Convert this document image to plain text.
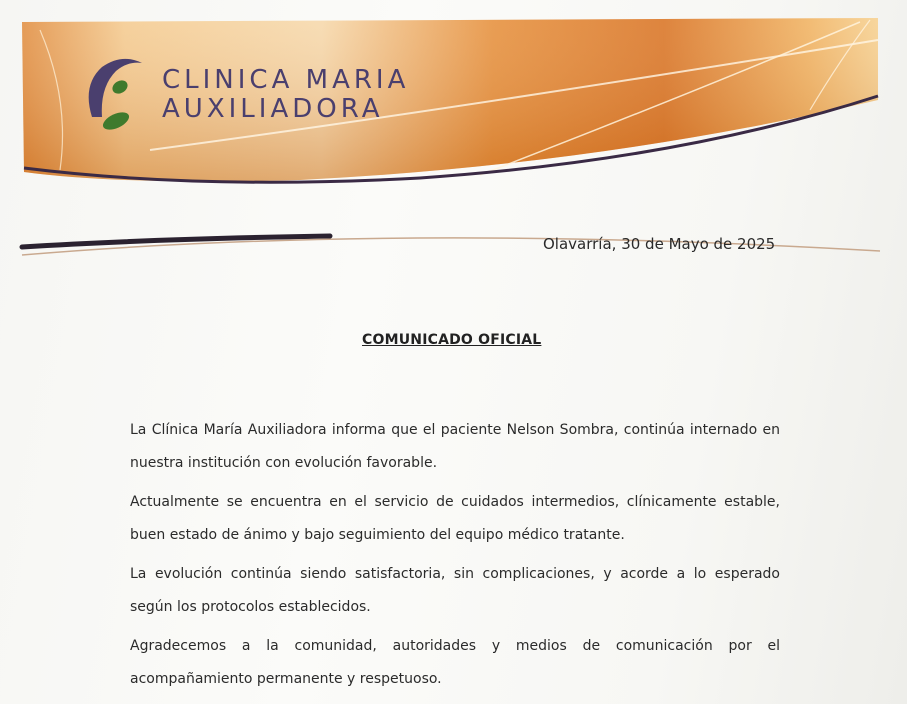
CLINICA MARIA
AUXILIADORA
Olavarría, 30 de Mayo de 2025
COMUNICADO OFICIAL

La Clínica María Auxiliadora informa que el paciente Nelson Sombra, continúa internado en nuestra institución con evolución favorable.

Actualmente se encuentra en el servicio de cuidados intermedios, clínicamente estable, buen estado de ánimo y bajo seguimiento del equipo médico tratante.

La evolución continúa siendo satisfactoria, sin complicaciones, y acorde a lo esperado según los protocolos establecidos.

Agradecemos a la comunidad, autoridades y medios de comunicación por el acompañamiento permanente y respetuoso.
